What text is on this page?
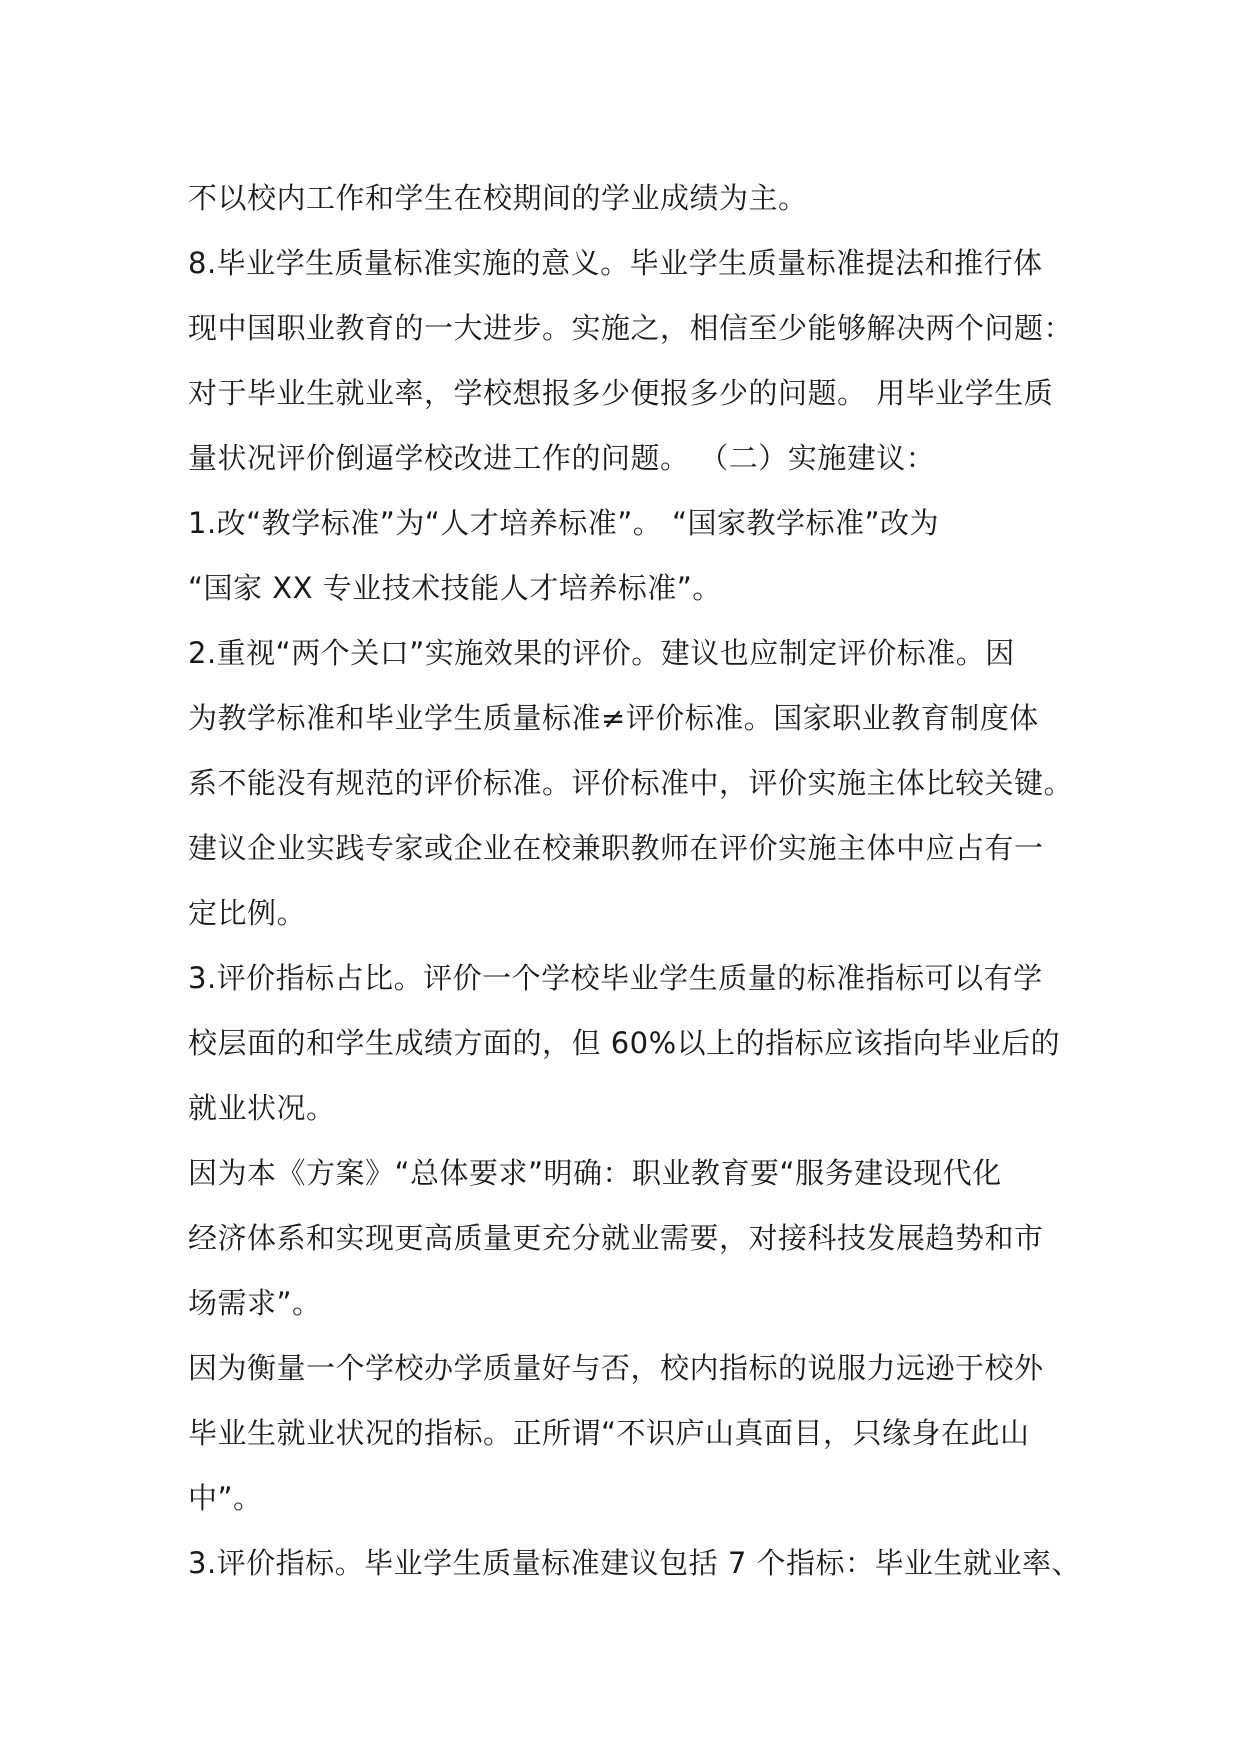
不以校内工作和学生在校期间的学业成绩为主。
8.毕业学生质量标准实施的意义。毕业学生质量标准提法和推行体
现中国职业教育的一大进步。实施之，相信至少能够解决两个问题：
对于毕业生就业率，学校想报多少便报多少的问题。 用毕业学生质
量状况评价倒逼学校改进工作的问题。 （二）实施建议：
1.改“教学标准”为“人才培养标准”。 “国家教学标准”改为
“国家 XX 专业技术技能人才培养标准”。
2.重视“两个关口”实施效果的评价。建议也应制定评价标准。因
为教学标准和毕业学生质量标准≠评价标准。国家职业教育制度体
系不能没有规范的评价标准。评价标准中，评价实施主体比较关键。
建议企业实践专家或企业在校兼职教师在评价实施主体中应占有一
定比例。
3.评价指标占比。评价一个学校毕业学生质量的标准指标可以有学
校层面的和学生成绩方面的，但 60%以上的指标应该指向毕业后的
就业状况。
因为本《方案》“总体要求”明确：职业教育要“服务建设现代化
经济体系和实现更高质量更充分就业需要，对接科技发展趋势和市
场需求”。
因为衡量一个学校办学质量好与否，校内指标的说服力远逊于校外
毕业生就业状况的指标。正所谓“不识庐山真面目，只缘身在此山
中”。
3.评价指标。毕业学生质量标准建议包括 7 个指标：毕业生就业率、
